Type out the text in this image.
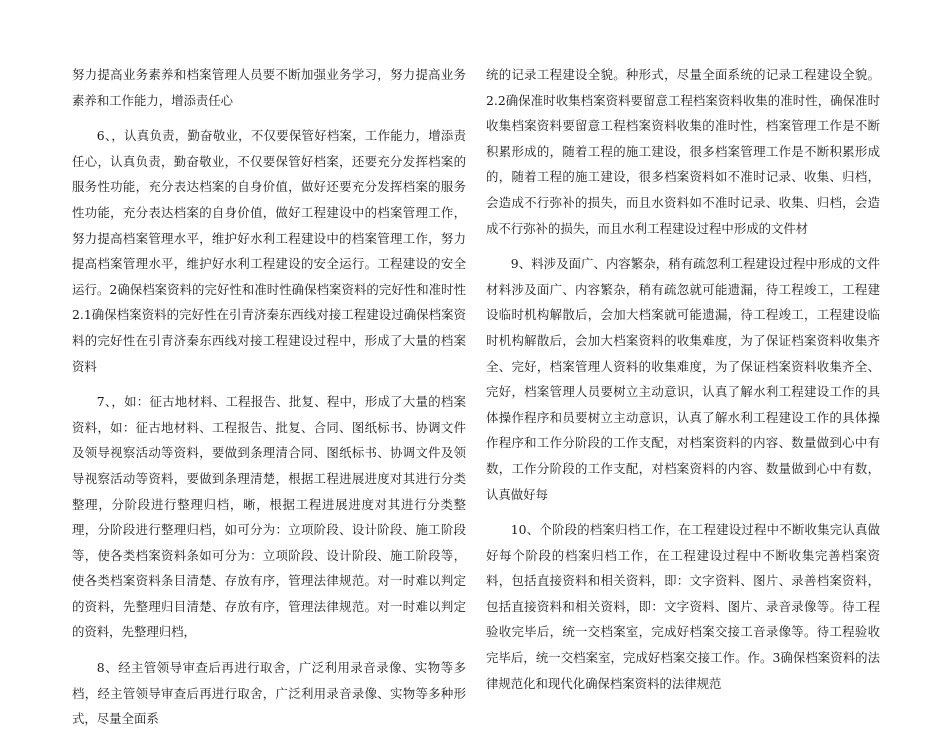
努力提高业务素养和档案管理人员要不断加强业务学习，努力提高业务素养和工作能力，增添责任心

6、，认真负责，勤奋敬业，不仅要保管好档案，工作能力，增添责任心，认真负责，勤奋敬业，不仅要保管好档案，还要充分发挥档案的服务性功能，充分表达档案的自身价值，做好还要充分发挥档案的服务性功能，充分表达档案的自身价值，做好工程建设中的档案管理工作，努力提高档案管理水平，维护好水利工程建设中的档案管理工作，努力提高档案管理水平，维护好水利工程建设的安全运行。工程建设的安全运行。2确保档案资料的完好性和准时性确保档案资料的完好性和准时性2.1确保档案资料的完好性在引青济秦东西线对接工程建设过确保档案资料的完好性在引青济秦东西线对接工程建设过程中，形成了大量的档案资料

7、，如：征古地材料、工程报告、批复、程中，形成了大量的档案资料，如：征古地材料、工程报告、批复、合同、图纸标书、协调文件及领导视察活动等资料，要做到条理清合同、图纸标书、协调文件及领导视察活动等资料，要做到条理清楚，根据工程进展进度对其进行分类整理，分阶段进行整理归档，晰，根据工程进展进度对其进行分类整理，分阶段进行整理归档，如可分为：立项阶段、设计阶段、施工阶段等，使各类档案资料条如可分为：立项阶段、设计阶段、施工阶段等，使各类档案资料条目清楚、存放有序，管理法律规范。对一时难以判定的资料，先整理归目清楚、存放有序，管理法律规范。对一时难以判定的资料，先整理归档，

8、经主管领导审查后再进行取舍，广泛利用录音录像、实物等多档，经主管领导审查后再进行取舍，广泛利用录音录像、实物等多种形式，尽量全面系

统的记录工程建设全貌。种形式，尽量全面系统的记录工程建设全貌。2.2确保准时收集档案资料要留意工程档案资料收集的准时性，确保准时收集档案资料要留意工程档案资料收集的准时性，档案管理工作是不断积累形成的，随着工程的施工建设，很多档案管理工作是不断积累形成的，随着工程的施工建设，很多档案资料如不准时记录、收集、归档，会造成不行弥补的损失，而且水资料如不准时记录、收集、归档，会造成不行弥补的损失，而且水利工程建设过程中形成的文件材

9、料涉及面广、内容繁杂，稍有疏忽利工程建设过程中形成的文件材料涉及面广、内容繁杂，稍有疏忽就可能遗漏，待工程竣工，工程建设临时机构解散后，会加大档案就可能遗漏，待工程竣工，工程建设临时机构解散后，会加大档案资料的收集难度，为了保证档案资料收集齐全、完好，档案管理人资料的收集难度，为了保证档案资料收集齐全、完好，档案管理人员要树立主动意识，认真了解水利工程建设工作的具体操作程序和员要树立主动意识，认真了解水利工程建设工作的具体操作程序和工作分阶段的工作支配，对档案资料的内容、数量做到心中有数，工作分阶段的工作支配，对档案资料的内容、数量做到心中有数，认真做好每

10、个阶段的档案归档工作，在工程建设过程中不断收集完认真做好每个阶段的档案归档工作，在工程建设过程中不断收集完善档案资料，包括直接资料和相关资料，即：文字资料、图片、录善档案资料，包括直接资料和相关资料，即：文字资料、图片、录音录像等。待工程验收完毕后，统一交档案室，完成好档案交接工音录像等。待工程验收完毕后，统一交档案室，完成好档案交接工作。作。3确保档案资料的法律规范化和现代化确保档案资料的法律规范
